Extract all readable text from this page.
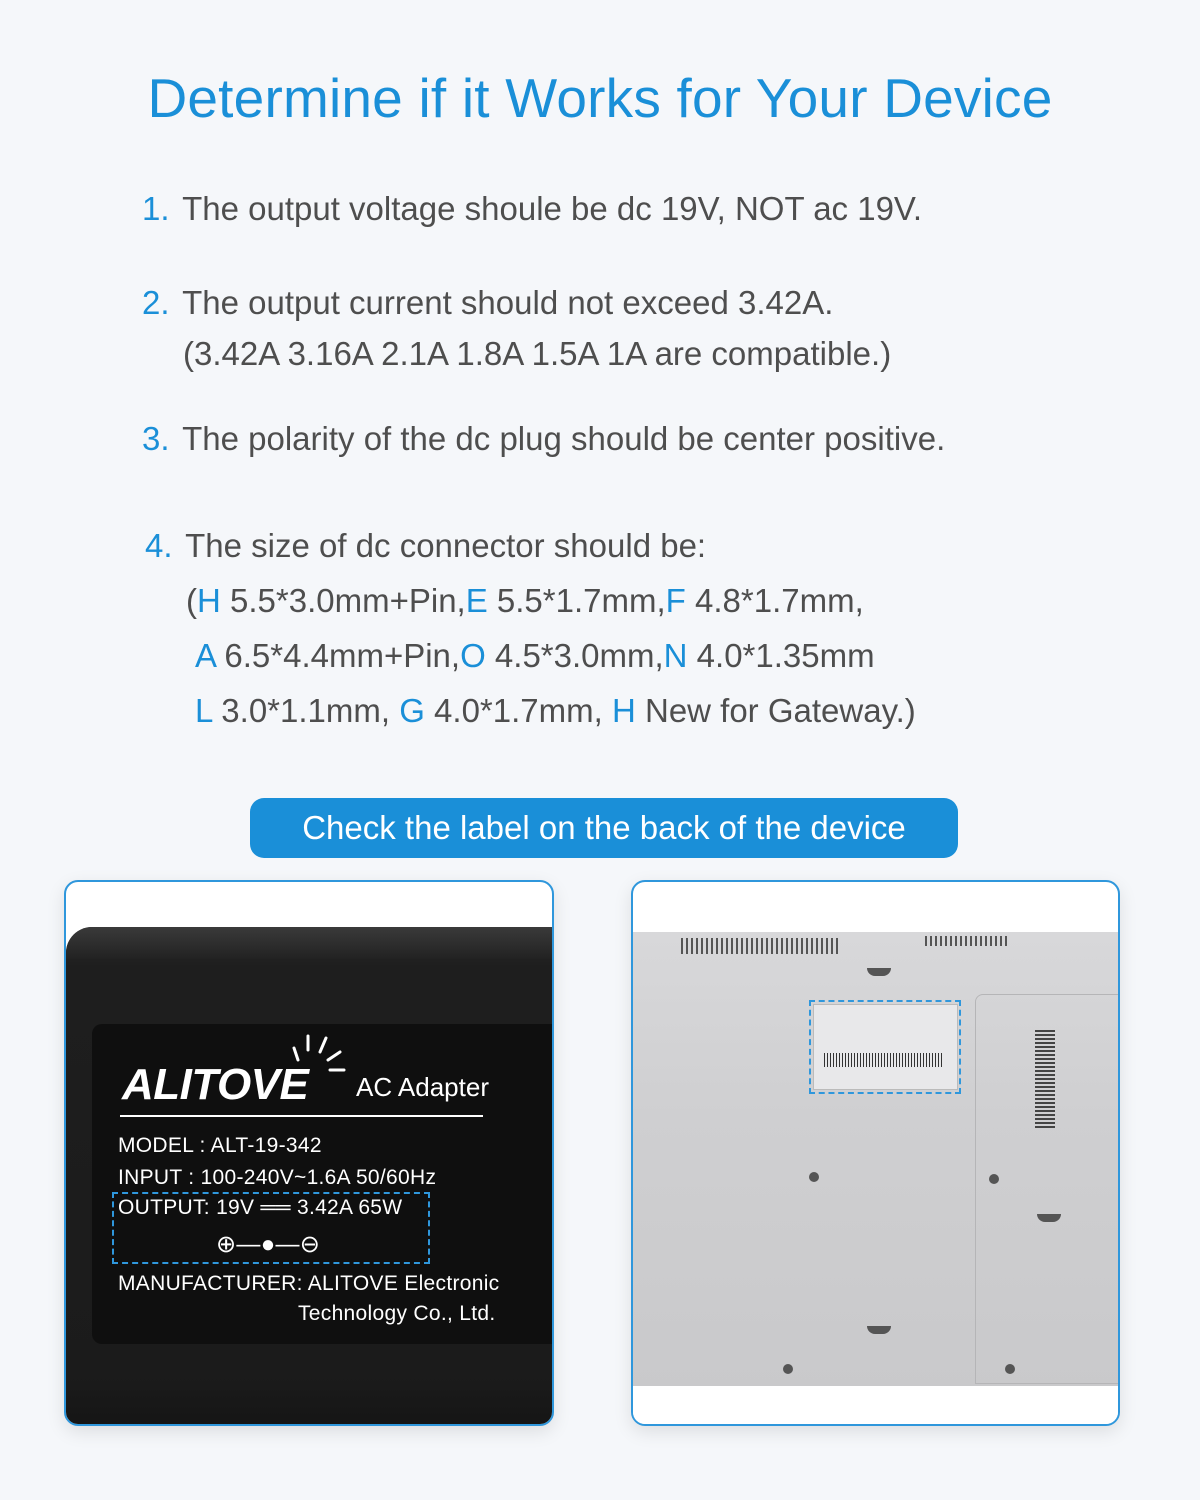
Determine if it Works for Your Device
1. The output voltage shoule be dc 19V, NOT ac 19V.
2. The output current should not exceed 3.42A.
(3.42A 3.16A 2.1A 1.8A 1.5A 1A are compatible.)
3. The polarity of the dc plug should be center positive.
4. The size of dc connector should be:
(H 5.5*3.0mm+Pin,E 5.5*1.7mm,F 4.8*1.7mm,
A 6.5*4.4mm+Pin,O 4.5*3.0mm,N 4.0*1.35mm
L 3.0*1.1mm, G 4.0*1.7mm, H New for Gateway.)
Check the label on the back of the device
ALITOVE AC Adapter
MODEL : ALT-19-342
INPUT : 100-240V~1.6A 50/60Hz
OUTPUT: 19V ══ 3.42A 65W
⊕—●—⊖
MANUFACTURER: ALITOVE Electronic
Technology Co., Ltd.
